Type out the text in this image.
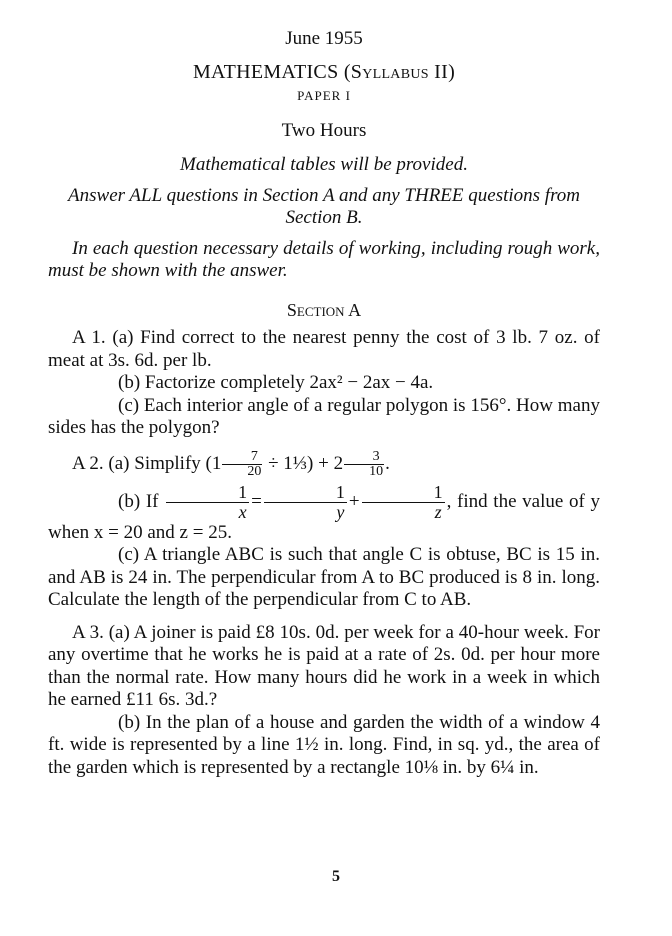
June 1955
MATHEMATICS (Syllabus II)
PAPER I
Two Hours
Mathematical tables will be provided.
Answer ALL questions in Section A and any THREE questions from Section B.
In each question necessary details of working, including rough work, must be shown with the answer.
Section A
A 1. (a) Find correct to the nearest penny the cost of 3 lb. 7 oz. of meat at 3s. 6d. per lb.
(b) Factorize completely 2ax² − 2ax − 4a.
(c) Each interior angle of a regular polygon is 156°. How many sides has the polygon?
A 2. (a) Simplify ($1 \frac{7}{20}$ ÷ 1⅓) + $2 \frac{3}{10}$ .
(b) If $\frac{1}{x} = \frac{1}{y} + \frac{1}{z}$ , find the value of y when x = 20 and z = 25.
(c) A triangle ABC is such that angle C is obtuse, BC is 15 in. and AB is 24 in. The perpendicular from A to BC produced is 8 in. long. Calculate the length of the perpendicular from C to AB.
A 3. (a) A joiner is paid £8 10s. 0d. per week for a 40-hour week. For any overtime that he works he is paid at a rate of 2s. 0d. per hour more than the normal rate. How many hours did he work in a week in which he earned £11 6s. 3d.?
(b) In the plan of a house and garden the width of a window 4 ft. wide is represented by a line 1½ in. long. Find, in sq. yd., the area of the garden which is represented by a rectangle 10⅛ in. by 6¼ in.
5
